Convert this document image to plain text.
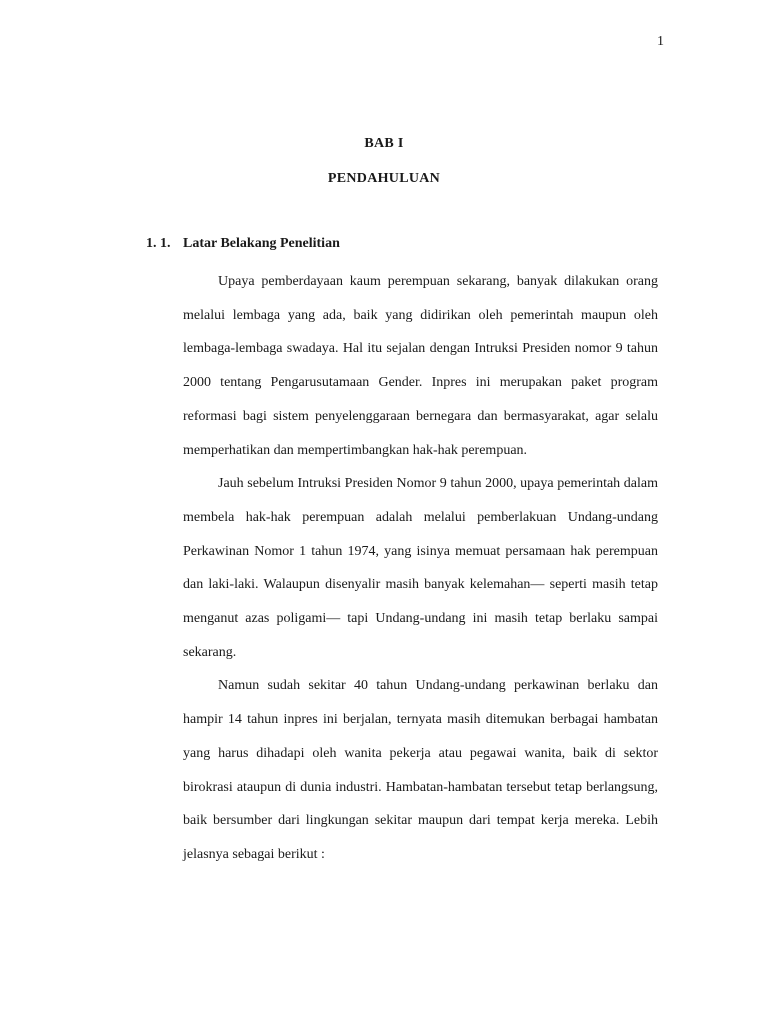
1
BAB I
PENDAHULUAN
1. 1. Latar Belakang Penelitian

Upaya pemberdayaan kaum perempuan sekarang, banyak dilakukan orang melalui lembaga yang ada, baik yang didirikan oleh pemerintah maupun oleh lembaga-lembaga swadaya. Hal itu sejalan dengan Intruksi Presiden nomor 9 tahun 2000 tentang Pengarusutamaan Gender. Inpres ini merupakan paket program reformasi bagi sistem penyelenggaraan bernegara dan bermasyarakat, agar selalu memperhatikan dan mempertimbangkan hak-hak perempuan.

Jauh sebelum Intruksi Presiden Nomor 9 tahun 2000, upaya pemerintah dalam membela hak-hak perempuan adalah melalui pemberlakuan Undang-undang Perkawinan Nomor 1 tahun 1974, yang isinya memuat persamaan hak perempuan dan laki-laki. Walaupun disenyalir masih banyak kelemahan— seperti masih tetap menganut azas poligami— tapi Undang-undang ini masih tetap berlaku sampai sekarang.

Namun sudah sekitar 40 tahun Undang-undang perkawinan berlaku dan hampir 14 tahun inpres ini berjalan, ternyata masih ditemukan berbagai hambatan yang harus dihadapi oleh wanita pekerja atau pegawai wanita, baik di sektor birokrasi ataupun di dunia industri. Hambatan-hambatan tersebut tetap berlangsung, baik bersumber dari lingkungan sekitar maupun dari tempat kerja mereka. Lebih jelasnya sebagai berikut :
